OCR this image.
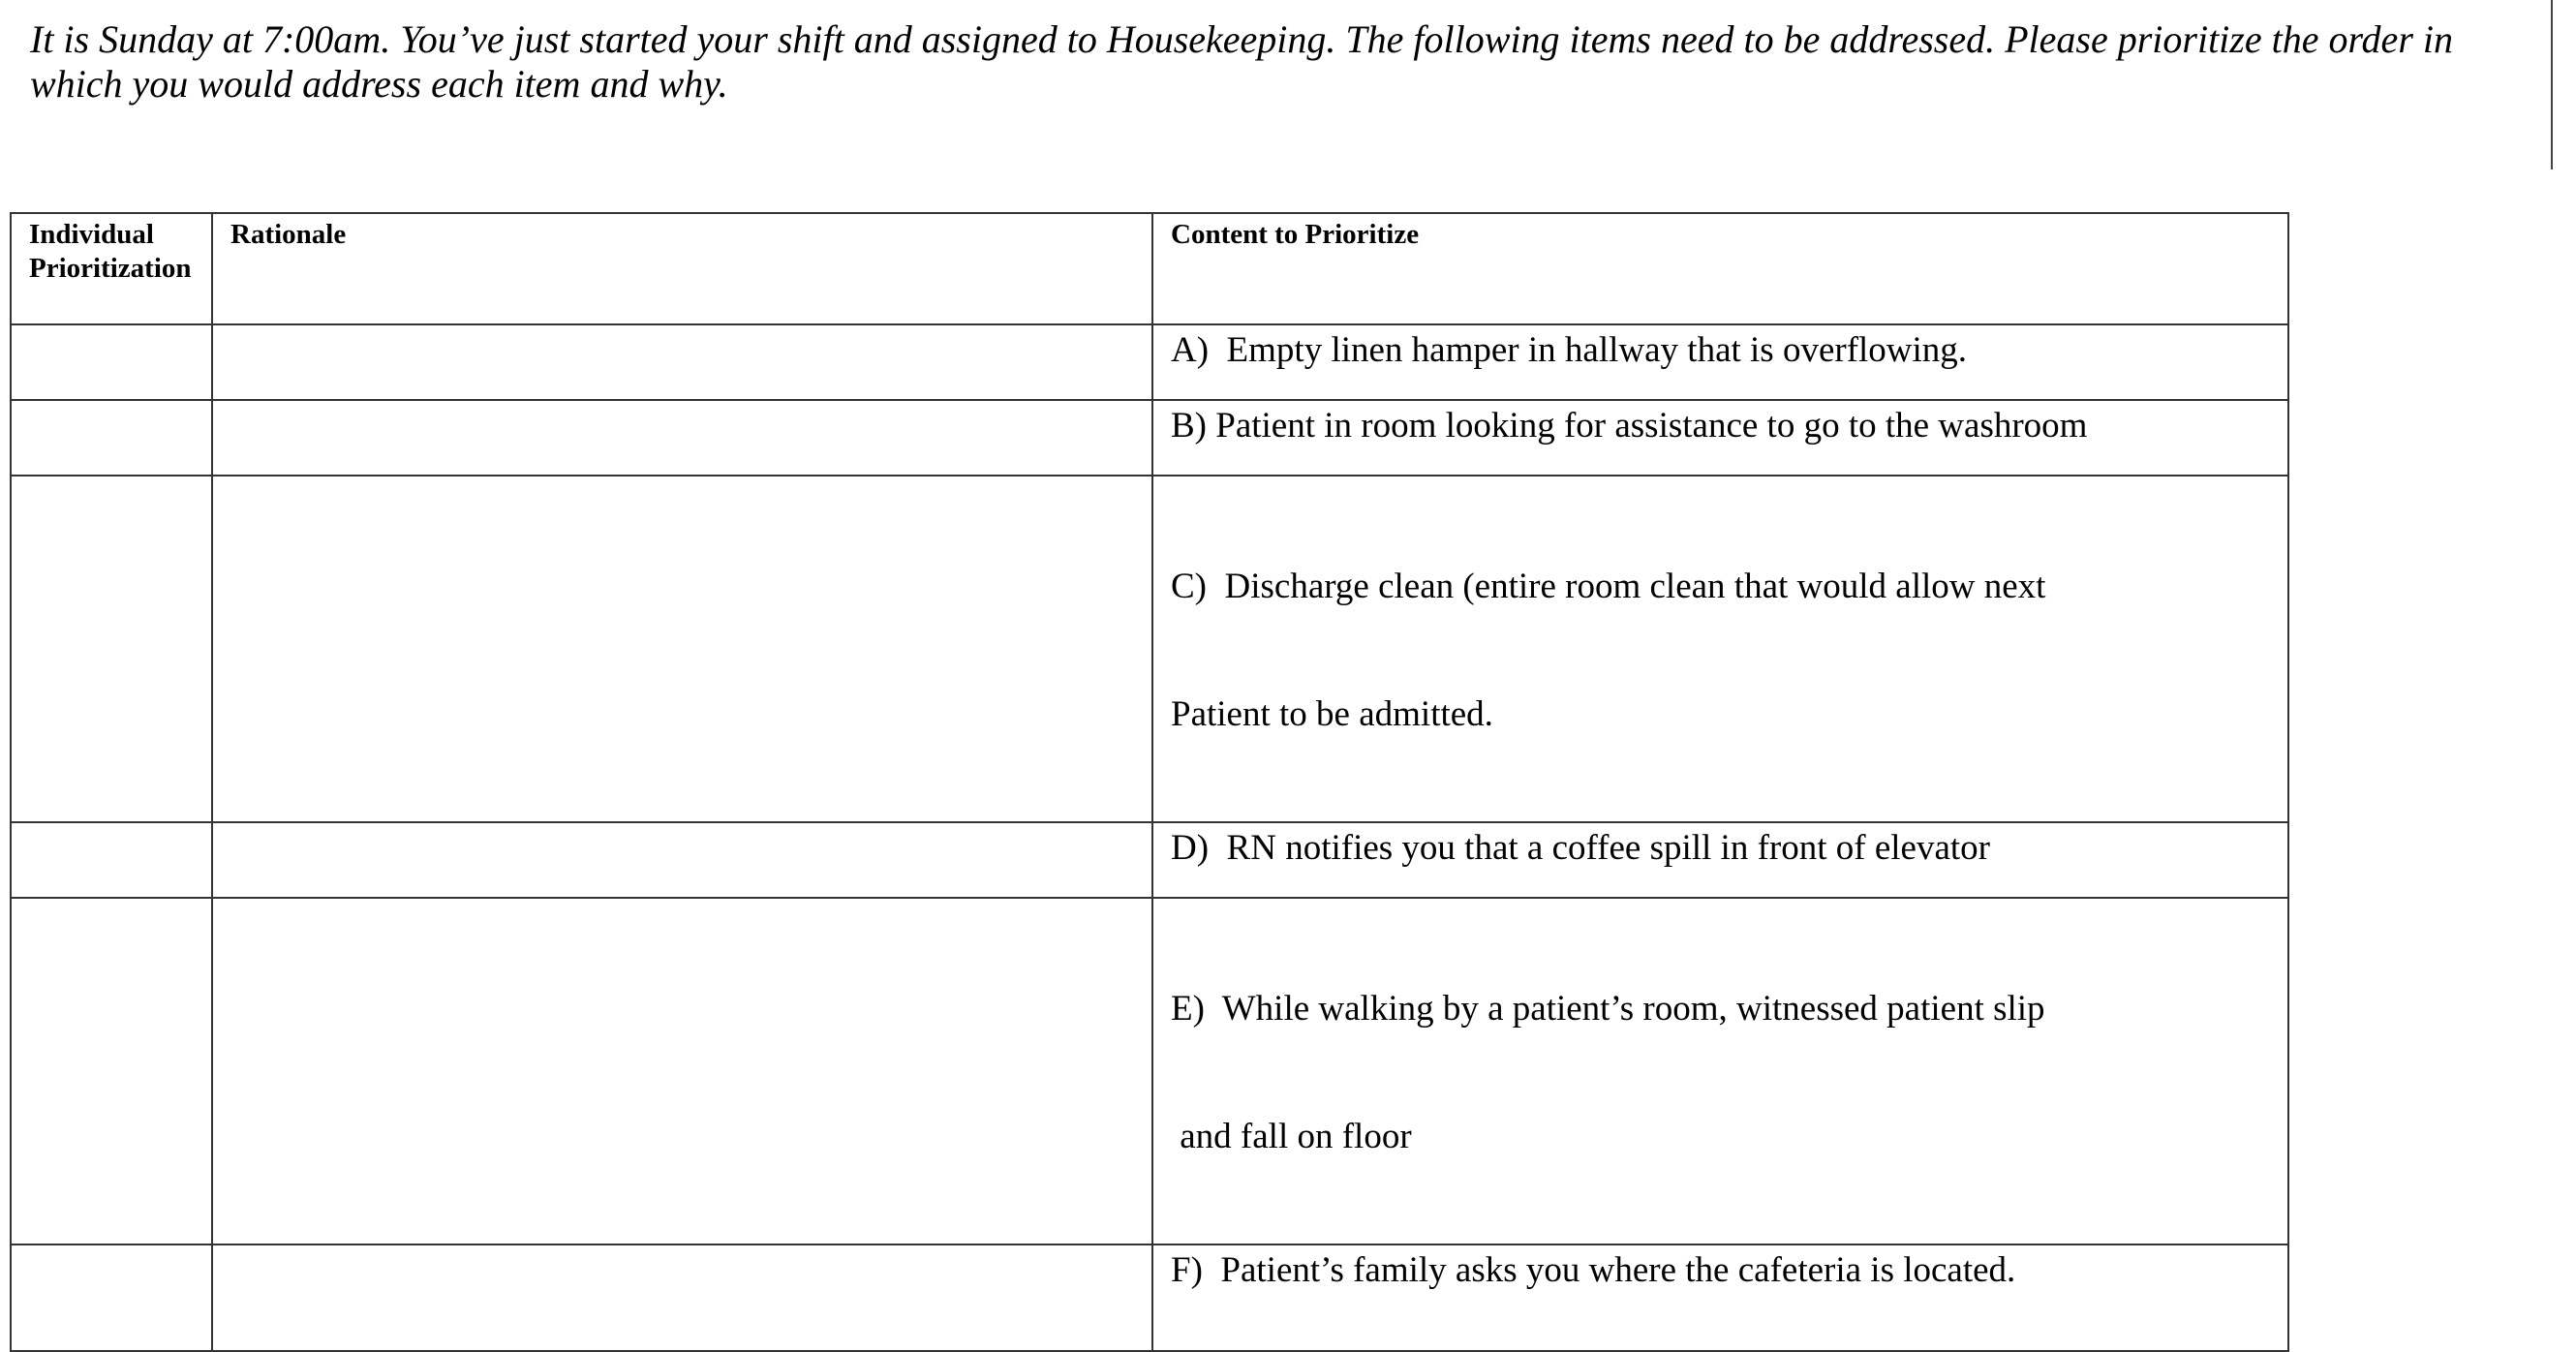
It is Sunday at 7:00am. You’ve just started your shift and assigned to Housekeeping. The following items need to be addressed. Please prioritize the order in
which you would address each item and why.
Individual
Prioritization	Rationale	Content to Prioritize

		A)  Empty linen hamper in hallway that is overflowing.

		B) Patient in room looking for assistance to go to the washroom

		C)  Discharge clean (entire room clean that would allow next

Patient to be admitted.

		D)  RN notifies you that a coffee spill in front of elevator

		E)  While walking by a patient’s room, witnessed patient slip

and fall on floor

		F)  Patient’s family asks you where the cafeteria is located.
